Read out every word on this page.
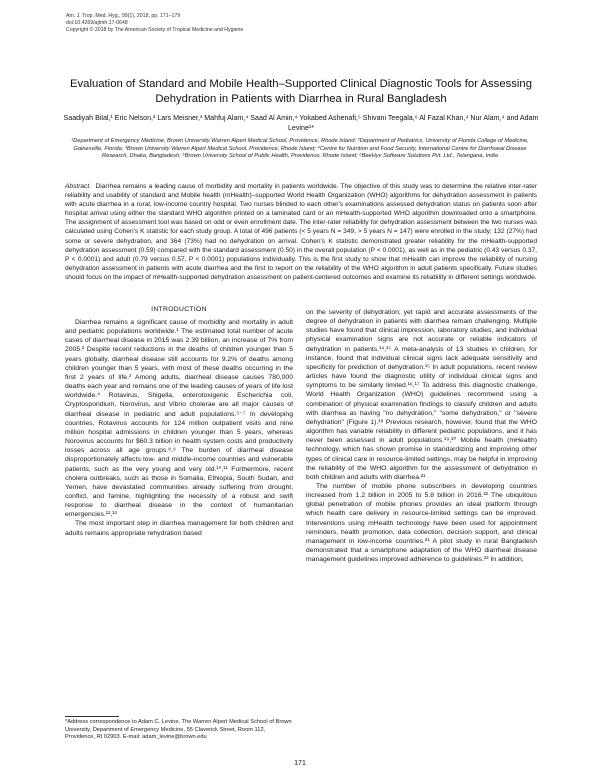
Am. J. Trop. Med. Hyg., 99(1), 2018, pp. 171–179
doi:10.4269/ajtmh.17-0648
Copyright © 2018 by The American Society of Tropical Medicine and Hygiene
Evaluation of Standard and Mobile Health–Supported Clinical Diagnostic Tools for Assessing Dehydration in Patients with Diarrhea in Rural Bangladesh
Saadiyah Bilal,¹ Eric Nelson,² Lars Meisner,³ Mahfuj Alam,⁴ Saad Al Amin,⁴ Yokabed Ashenafi,⁵ Shivani Teegala,⁶ Al Fazal Khan,⁴ Nur Alam,⁴ and Adam Levine¹*
¹Department of Emergency Medicine, Brown University Warren Alpert Medical School, Providence, Rhode Island; ²Department of Pediatrics, University of Florida College of Medicine, Gainesville, Florida; ³Brown University Warren Alpert Medical School, Providence, Rhode Island; ⁴Centre for Nutrition and Food Security, International Centre for Diarrhoeal Disease Research, Dhaka, Bangladesh; ⁵Brown University School of Public Health, Providence, Rhode Island; ⁶BeeHyv Software Solutions Pvt. Ltd., Telangana, India
Abstract. Diarrhea remains a leading cause of morbidity and mortality in patients worldwide. The objective of this study was to determine the relative inter-rater reliability and usability of standard and Mobile health (mHealth)–supported World Health Organization (WHO) algorithms for dehydration assessment in patients with acute diarrhea in a rural, low-income country hospital. Two nurses blinded to each other's examinations assessed dehydration status on patients soon after hospital arrival using either the standard WHO algorithm printed on a laminated card or an mHealth-supported WHO algorithm downloaded onto a smartphone. The assignment of assessment tool was based on odd or even enrollment date. The inter-rater reliability for dehydration assessment between the two nurses was calculated using Cohen's K statistic for each study group. A total of 496 patients (< 5 years N = 349, > 5 years N = 147) were enrolled in the study; 132 (27%) had some or severe dehydration, and 364 (73%) had no dehydration on arrival. Cohen's K statistic demonstrated greater reliability for the mHealth-supported dehydration assessment (0.59) compared with the standard assessment (0.50) in the overall population (P < 0.0001), as well as in the pediatric (0.43 versus 0.37, P < 0.0001) and adult (0.79 versus 0.57, P < 0.0001) populations individually. This is the first study to show that mHealth can improve the reliability of nursing dehydration assessment in patients with acute diarrhea and the first to report on the reliability of the WHO algorithm in adult patients specifically. Future studies should focus on the impact of mHealth-supported dehydration assessment on patient-centered outcomes and examine its reliability in different settings worldwide.
INTRODUCTION

Diarrhea remains a significant cause of morbidity and mortality in adult and pediatric populations worldwide.¹ The estimated total number of acute cases of diarrheal disease in 2015 was 2.39 billion, an increase of 7% from 2005.² Despite recent reductions in the deaths of children younger than 5 years globally, diarrheal disease still accounts for 9.2% of deaths among children younger than 5 years, with most of these deaths occurring in the first 2 years of life.³ Among adults, diarrheal disease causes 780,000 deaths each year and remains one of the leading causes of years of life lost worldwide.⁴ Rotavirus, Shigella, enterotoxigenic Escherichia coli, Cryptosporidium, Norovirus, and Vibrio cholerae are all major causes of diarrheal disease in pediatric and adult populations.⁵⁻⁷ In developing countries, Rotavirus accounts for 124 million outpatient visits and nine million hospital admissions in children younger than 5 years, whereas Norovirus accounts for $60.3 billion in health system costs and productivity losses across all age groups.⁸,⁹ The burden of diarrheal disease disproportionately affects low- and middle-income countries and vulnerable patients, such as the very young and very old.¹⁰,¹¹ Furthermore, recent cholera outbreaks, such as those in Somalia, Ethiopia, South Sudan, and Yemen, have devastated communities already suffering from drought, conflict, and famine, highlighting the necessity of a robust and swift response to diarrheal disease in the context of humanitarian emergencies.¹²,¹³

The most important step in diarrhea management for both children and adults remains appropriate rehydration based

on the severity of dehydration; yet rapid and accurate assessments of the degree of dehydration in patients with diarrhea remain challenging. Multiple studies have found that clinical impression, laboratory studies, and individual physical examination signs are not accurate or reliable indicators of dehydration in patients.¹⁴,¹⁵ A meta-analysis of 13 studies in children, for instance, found that individual clinical signs lack adequate sensitivity and specificity for prediction of dehydration.¹⁵ In adult populations, recent review articles have found the diagnostic utility of individual clinical signs and symptoms to be similarly limited.¹⁶,¹⁷ To address this diagnostic challenge, World Health Organization (WHO) guidelines recommend using a combination of physical examination findings to classify children and adults with diarrhea as having "no dehydration," "some dehydration," or "severe dehydration" (Figure 1).¹⁸ Previous research, however, found that the WHO algorithm has variable reliability in different pediatric populations, and it has never been assessed in adult populations.¹⁹,²⁰ Mobile health (mHealth) technology, which has shown promise in standardizing and improving other types of clinical care in resource-limited settings, may be helpful in improving the reliability of the WHO algorithm for the assessment of dehydration in both children and adults with diarrhea.²¹

The number of mobile phone subscribers in developing countries increased from 1.2 billion in 2005 to 5.8 billion in 2016.²² The ubiquitous global penetration of mobile phones provides an ideal platform through which health care delivery in resource-limited settings can be improved. Interventions using mHealth technology have been used for appointment reminders, health promotion, data collection, decision support, and clinical management in low-income countries.²¹ A pilot study in rural Bangladesh demonstrated that a smartphone adaptation of the WHO diarrheal disease management guidelines improved adherence to guidelines.²³ In addition,

*Address correspondence to Adam C. Levine, The Warren Alpert Medical School of Brown University, Department of Emergency Medicine, 55 Claverick Street, Room 112, Providence, RI 02903. E-mail: adam_levine@brown.edu
171
